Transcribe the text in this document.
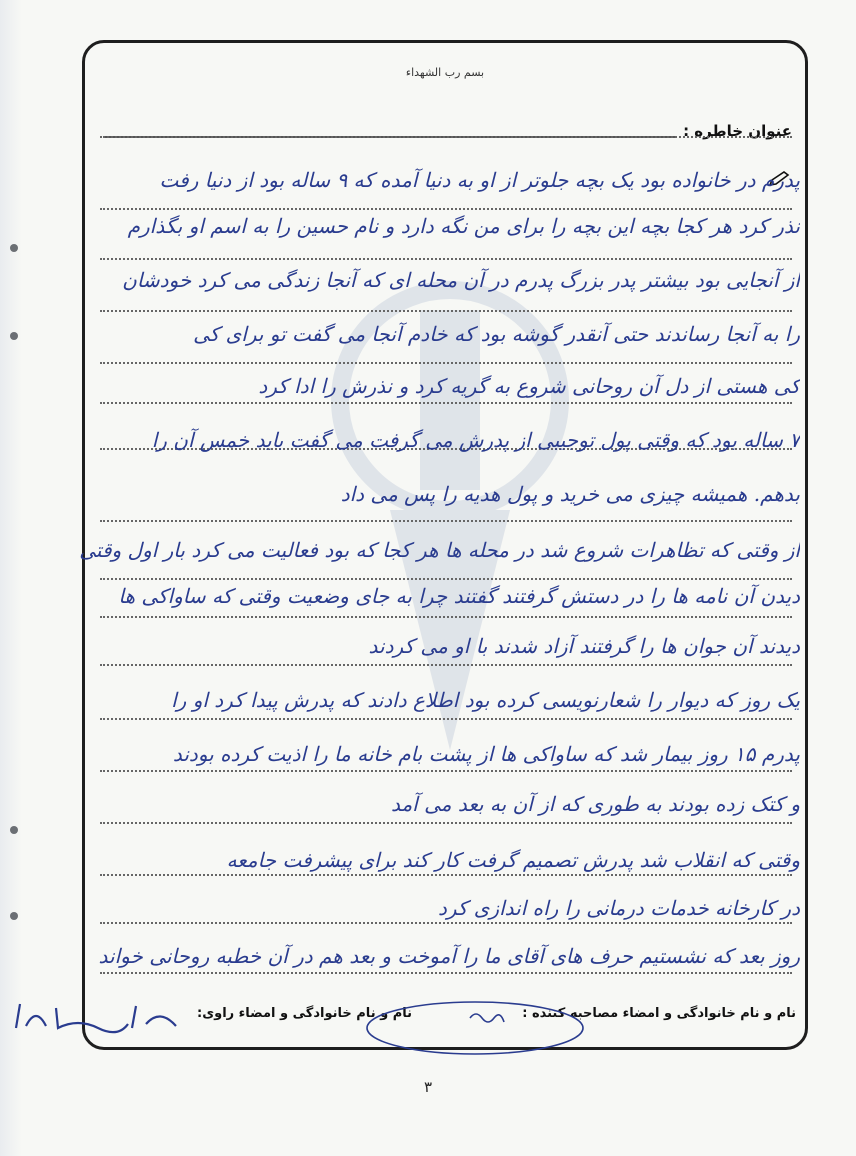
بسم رب الشهداء
عنوان خاطره :
پدرم در خانواده بود یک بچه جلوتر از او به دنیا آمده که ۹ ساله بود از دنیا رفت
نذر کرد هر کجا بچه این بچه را برای من نگه دارد و نام حسین را به اسم او بگذارم
از آنجایی بود بیشتر پدر بزرگ پدرم در آن محله ای که آنجا زندگی می کرد خودشان
را به آنجا رساندند حتی آنقدر گوشه بود که خادم آنجا می گفت تو برای کی
کی هستی از دل آن روحانی شروع به گریه کرد و نذرش را ادا کرد
۷ ساله بود که وقتی پول توجیبی از پدرش می گرفت می گفت باید خمس آن را
بدهم. همیشه چیزی می خرید و پول هدیه را پس می داد
از وقتی که تظاهرات شروع شد در محله ها هر کجا که بود فعالیت می کرد بار اول وقتی
دیدن آن نامه ها را در دستش گرفتند گفتند چرا به جای وضعیت وقتی که ساواکی ها
دیدند آن جوان ها را گرفتند آزاد شدند با او می کردند
یک روز که دیوار را شعارنویسی کرده بود اطلاع دادند که پدرش پیدا کرد او را
پدرم ۱۵ روز بیمار شد که ساواکی ها از پشت بام خانه ما را اذیت کرده بودند
و کتک زده بودند به طوری که از آن به بعد می آمد
وقتی که انقلاب شد پدرش تصمیم گرفت کار کند برای پیشرفت جامعه
در کارخانه خدمات درمانی را راه اندازی کرد
روز بعد که نشستیم حرف های آقای ما را آموخت و بعد هم در آن خطبه روحانی خواند
نام و نام خانوادگی و امضاء مصاحبه کننده :
نام و نام خانوادگی و امضاء راوی:
۳
